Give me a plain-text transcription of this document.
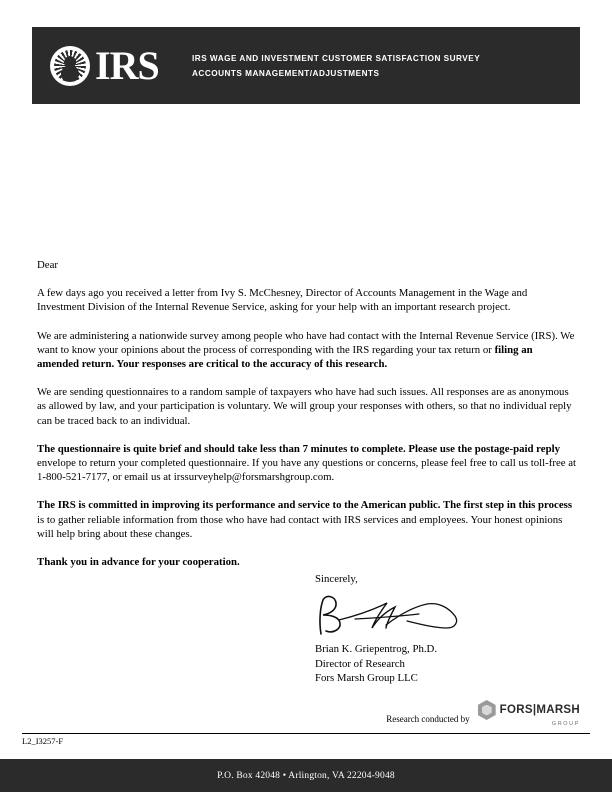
IRS	IRS WAGE AND INVESTMENT CUSTOMER SATISFACTION SURVEY
ACCOUNTS MANAGEMENT/ADJUSTMENTS

Dear

A few days ago you received a letter from Ivy S. McChesney, Director of Accounts Management in the Wage and Investment Division of the Internal Revenue Service, asking for your help with an important research project.

We are administering a nationwide survey among people who have had contact with the Internal Revenue Service (IRS). We want to know your opinions about the process of corresponding with the IRS regarding your tax return or filing an amended return. Your responses are critical to the accuracy of this research.

We are sending questionnaires to a random sample of taxpayers who have had such issues. All responses are as anonymous as allowed by law, and your participation is voluntary. We will group your responses with others, so that no individual reply can be traced back to an individual.

The questionnaire is quite brief and should take less than 7 minutes to complete. Please use the postage-paid reply envelope to return your completed questionnaire. If you have any questions or concerns, please feel free to call us toll-free at 1-800-521-7177, or email us at irssurveyhelp@forsmarshgroup.com.

The IRS is committed in improving its performance and service to the American public. The first step in this process is to gather reliable information from those who have had contact with IRS services and employees. Your honest opinions will help bring about these changes.

Thank you in advance for your cooperation.

Sincerely,
Brian K. Griepentrog, Ph.D.
Director of Research
Fors Marsh Group LLC
Research conducted by
FORS|MARSH
GROUP
L2_I3257-F
P.O. Box 42048 • Arlington, VA 22204-9048
